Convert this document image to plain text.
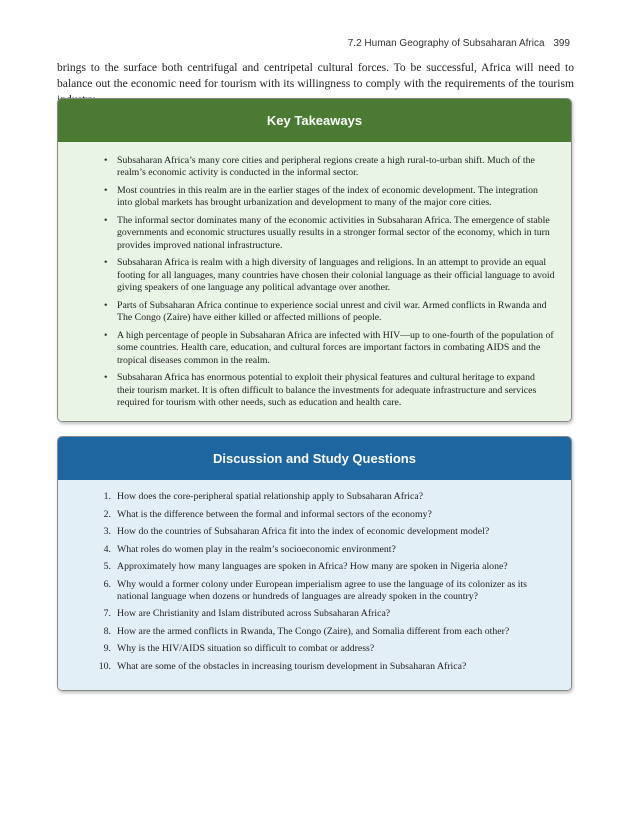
7.2 Human Geography of Subsaharan Africa 399
brings to the surface both centrifugal and centripetal cultural forces. To be successful, Africa will need to balance out the economic need for tourism with its willingness to comply with the requirements of the tourism
Key Takeaways
• Subsaharan Africa’s many core cities and peripheral regions create a high rural-to-urban shift. Much of the realm’s economic activity is conducted in the informal sector.
• Most countries in this realm are in the earlier stages of the index of economic development. The integration into global markets has brought urbanization and development to many of the major core cities.
• The informal sector dominates many of the economic activities in Subsaharan Africa. The emergence of stable governments and economic structures usually results in a stronger formal sector of the economy, which in turn provides improved national infrastructure.
• Subsaharan Africa is realm with a high diversity of languages and religions. In an attempt to provide an equal footing for all languages, many countries have chosen their colonial language as their official language to avoid giving speakers of one language any political advantage over another.
• Parts of Subsaharan Africa continue to experience social unrest and civil war. Armed conflicts in Rwanda and The Congo (Zaire) have either killed or affected millions of people.
• A high percentage of people in Subsaharan Africa are infected with HIV—up to one-fourth of the population of some countries. Health care, education, and cultural forces are important factors in combating AIDS and the tropical diseases common in the realm.
• Subsaharan Africa has enormous potential to exploit their physical features and cultural heritage to expand their tourism market. It is often difficult to balance the investments for adequate infrastructure and services required for tourism with other needs, such as education and health care.
Discussion and Study Questions
1. How does the core-peripheral spatial relationship apply to Subsaharan Africa?
2. What is the difference between the formal and informal sectors of the economy?
3. How do the countries of Subsaharan Africa fit into the index of economic development model?
4. What roles do women play in the realm’s socioeconomic environment?
5. Approximately how many languages are spoken in Africa? How many are spoken in Nigeria alone?
6. Why would a former colony under European imperialism agree to use the language of its colonizer as its national language when dozens or hundreds of languages are already spoken in the country?
7. How are Christianity and Islam distributed across Subsaharan Africa?
8. How are the armed conflicts in Rwanda, The Congo (Zaire), and Somalia different from each other?
9. Why is the HIV/AIDS situation so difficult to combat or address?
10. What are some of the obstacles in increasing tourism development in Subsaharan Africa?
